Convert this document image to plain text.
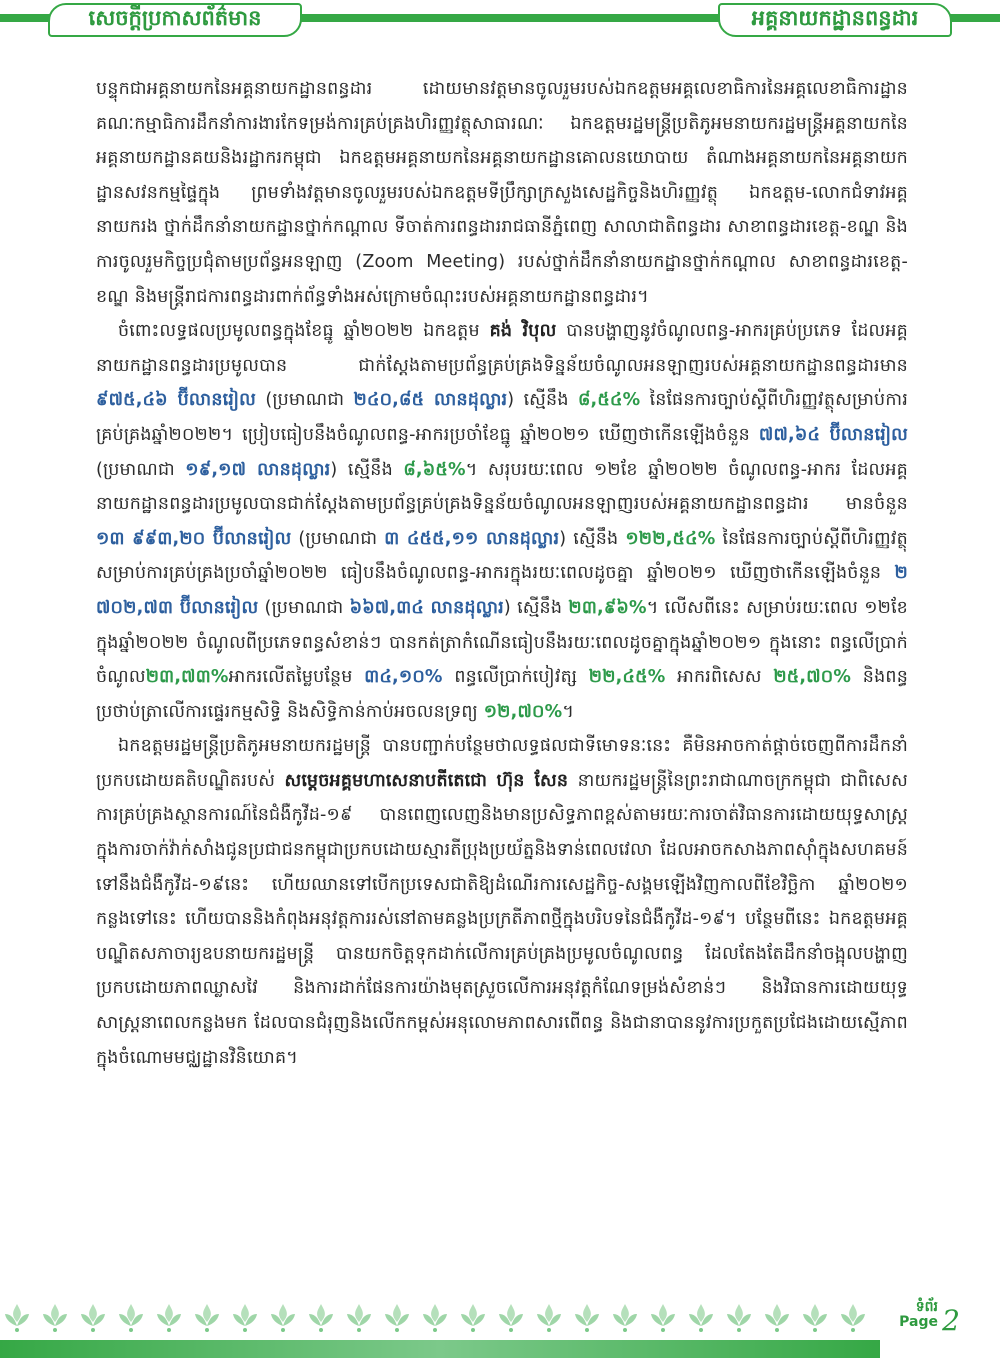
សេចក្តីប្រកាសព័ត៌មាន	អគ្គនាយកដ្ឋានពន្ធដារ

បន្ទុកជាអគ្គនាយកនៃអគ្គនាយកដ្ឋានពន្ធដារ ដោយមានវត្តមានចូលរួមរបស់ឯកឧត្តមអគ្គលេខាធិការនៃអគ្គលេខាធិការដ្ឋានគណៈកម្មាធិការដឹកនាំការងារកែទម្រង់ការគ្រប់គ្រងហិរញ្ញវត្ថុសាធារណៈ ឯកឧត្តមរដ្ឋមន្ត្រីប្រតិភូអមនាយករដ្ឋមន្ត្រីអគ្គនាយកនៃអគ្គនាយកដ្ឋានគយនិងរដ្ឋាករកម្ពុជា ឯកឧត្តមអគ្គនាយកនៃអគ្គនាយកដ្ឋានគោលនយោបាយ តំណាងអគ្គនាយកនៃអគ្គនាយកដ្ឋានសវនកម្មផ្ទៃក្នុង ព្រមទាំងវត្តមានចូលរួមរបស់ឯកឧត្តមទីប្រឹក្សាក្រសួងសេដ្ឋកិច្ចនិងហិរញ្ញវត្ថុ ឯកឧត្តម-លោកជំទាវអគ្គនាយករង ថ្នាក់ដឹកនាំនាយកដ្ឋានថ្នាក់កណ្ដាល ទីចាត់ការពន្ធដាររាជធានីភ្នំពេញ សាលាជាតិពន្ធដារ សាខាពន្ធដារខេត្ត-ខណ្ឌ និងការចូលរួមកិច្ចប្រជុំតាមប្រព័ន្ធអនឡាញ (Zoom Meeting) របស់ថ្នាក់ដឹកនាំនាយកដ្ឋានថ្នាក់កណ្ដាល សាខាពន្ធដារខេត្ត-ខណ្ឌ និងមន្ត្រីរាជការពន្ធដារពាក់ព័ន្ធទាំងអស់ក្រោមចំណុះរបស់អគ្គនាយកដ្ឋានពន្ធដារ។

ចំពោះលទ្ធផលប្រមូលពន្ធក្នុងខែធ្នូ ឆ្នាំ២០២២ ឯកឧត្តម គង់ វិបុល បានបង្ហាញនូវចំណូលពន្ធ-អាករគ្រប់ប្រភេទ ដែលអគ្គនាយកដ្ឋានពន្ធដារប្រមូលបាន ជាក់ស្តែងតាមប្រព័ន្ធគ្រប់គ្រងទិន្នន័យចំណូលអនឡាញរបស់អគ្គនាយកដ្ឋានពន្ធដារមាន ៩៧៥,៤៦ ប៊ីលានរៀល (ប្រមាណជា ២៤០,៨៥ លានដុល្លារ) ស្មើនឹង ៨,៥៤% នៃផែនការច្បាប់ស្តីពីហិរញ្ញវត្ថុសម្រាប់ការគ្រប់គ្រងឆ្នាំ២០២២។ ប្រៀបធៀបនឹងចំណូលពន្ធ-អាករប្រចាំខែធ្នូ ឆ្នាំ២០២១ ឃើញថាកើនឡើងចំនួន ៧៧,៦៤ ប៊ីលានរៀល (ប្រមាណជា ១៩,១៧ លានដុល្លារ) ស្មើនឹង ៨,៦៥%។ សរុបរយៈពេល ១២ខែ ឆ្នាំ២០២២ ចំណូលពន្ធ-អាករ ដែលអគ្គនាយកដ្ឋានពន្ធដារប្រមូលបានជាក់ស្តែងតាមប្រព័ន្ធគ្រប់គ្រងទិន្នន័យចំណូលអនឡាញរបស់អគ្គនាយកដ្ឋានពន្ធដារ មានចំនួន ១៣ ៩៩៣,២០ ប៊ីលានរៀល (ប្រមាណជា ៣ ៤៥៥,១១ លានដុល្លារ) ស្មើនឹង ១២២,៥៤% នៃផែនការច្បាប់ស្តីពីហិរញ្ញវត្ថុសម្រាប់ការគ្រប់គ្រងប្រចាំឆ្នាំ២០២២ ធៀបនឹងចំណូលពន្ធ-អាករក្នុងរយៈពេលដូចគ្នា ឆ្នាំ២០២១ ឃើញថាកើនឡើងចំនួន ២ ៧០២,៧៣ ប៊ីលានរៀល (ប្រមាណជា ៦៦៧,៣៤ លានដុល្លារ) ស្មើនឹង ២៣,៩៦%។ លើសពីនេះ សម្រាប់រយៈពេល ១២ខែ ក្នុងឆ្នាំ២០២២ ចំណូលពីប្រភេទពន្ធសំខាន់ៗ បានកត់ត្រាកំណើនធៀបនឹងរយៈពេលដូចគ្នាក្នុងឆ្នាំ២០២១ ក្នុងនោះ ពន្ធលើប្រាក់ចំណូល២៣,៧៣%អាករលើតម្លៃបន្ថែម ៣៤,១០% ពន្ធលើប្រាក់បៀវត្ស ២២,៤៥% អាករពិសេស ២៥,៧០% និងពន្ធប្រថាប់ត្រាលើការផ្ទេរកម្មសិទ្ធិ និងសិទ្ធិកាន់កាប់អចលនទ្រព្យ ១២,៧០%។

ឯកឧត្តមរដ្ឋមន្ត្រីប្រតិភូអមនាយករដ្ឋមន្ត្រី បានបញ្ជាក់បន្ថែមថាលទ្ធផលជាទីមោទនៈនេះ គឺមិនអាចកាត់ផ្តាច់ចេញពីការដឹកនាំប្រកបដោយគតិបណ្ឌិតរបស់ សម្តេចអគ្គមហាសេនាបតីតេជោ ហ៊ុន សែន នាយករដ្ឋមន្ត្រីនៃព្រះរាជាណាចក្រកម្ពុជា ជាពិសេសការគ្រប់គ្រងស្ថានការណ៍នៃជំងឺកូវីដ-១៩ បានពេញលេញនិងមានប្រសិទ្ធភាពខ្ពស់តាមរយៈការចាត់វិធានការដោយយុទ្ធសាស្ត្រក្នុងការចាក់វ៉ាក់សាំងជូនប្រជាជនកម្ពុជាប្រកបដោយស្មារតីប្រុងប្រយ័ត្ននិងទាន់ពេលវេលា ដែលអាចកសាងភាពស៊ាំក្នុងសហគមន៍ទៅនឹងជំងឺកូវីដ-១៩នេះ ហើយឈានទៅបើកប្រទេសជាតិឱ្យដំណើរការសេដ្ឋកិច្ច-សង្គមឡើងវិញកាលពីខែវិច្ឆិកា ឆ្នាំ២០២១ កន្លងទៅនេះ ហើយបាននិងកំពុងអនុវត្តការរស់នៅតាមគន្លងប្រក្រតីភាពថ្មីក្នុងបរិបទនៃជំងឺកូវីដ-១៩។ បន្ថែមពីនេះ ឯកឧត្តមអគ្គបណ្ឌិតសភាចារ្យឧបនាយករដ្ឋមន្ត្រី បានយកចិត្តទុកដាក់លើការគ្រប់គ្រងប្រមូលចំណូលពន្ធ ដែលតែងតែដឹកនាំចង្អុលបង្ហាញប្រកបដោយភាពឈ្លាសវៃ និងការដាក់ផែនការយ៉ាងមុតស្រួចលើការអនុវត្តកំណែទម្រង់សំខាន់ៗ និងវិធានការដោយយុទ្ធសាស្ត្រនាពេលកន្លងមក ដែលបានជំរុញនិងលើកកម្ពស់អនុលោមភាពសារពើពន្ធ និងជានាបាននូវការប្រកួតប្រជែងដោយស្មើភាពក្នុងចំណោមមជ្ឈដ្ឋានវិនិយោគ។

ទំព័រ
Page 2
